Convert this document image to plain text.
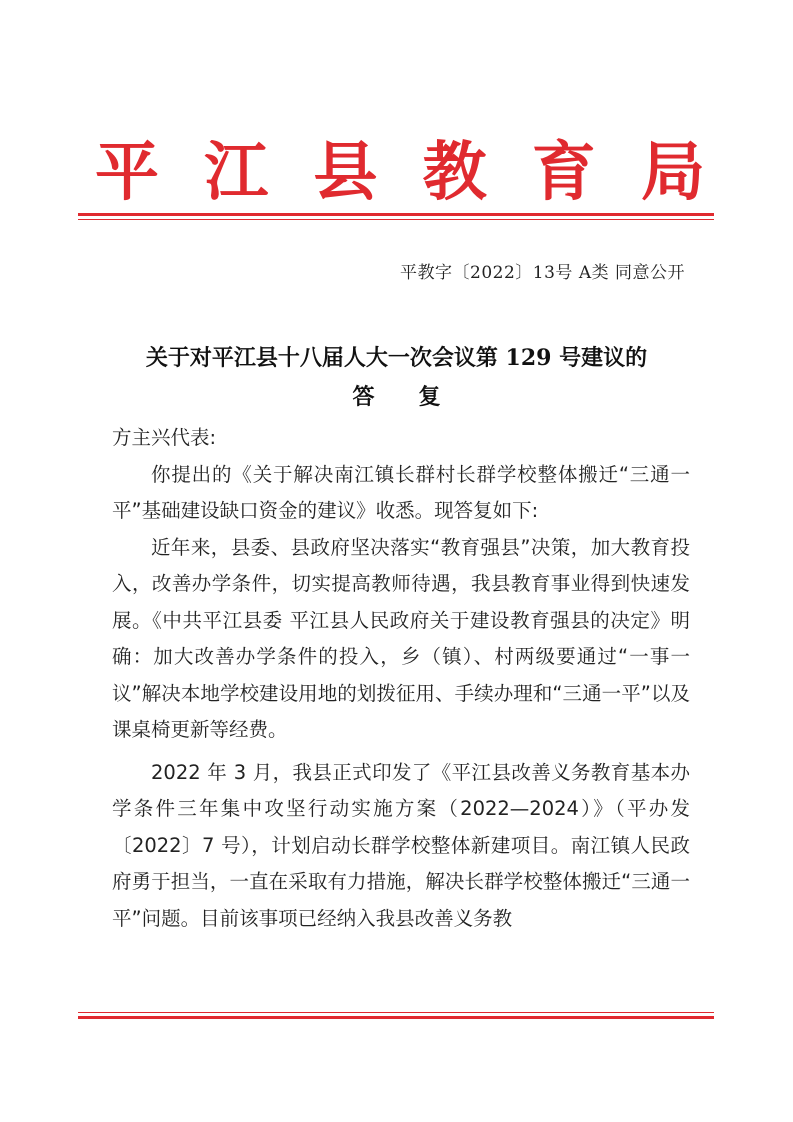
平 江 县 教 育 局
平教字〔2022〕13号 A类 同意公开
关于对平江县十八届人大一次会议第 129 号建议的
答复

方主兴代表:

你提出的《关于解决南江镇长群村长群学校整体搬迁“三通一平”基础建设缺口资金的建议》收悉。现答复如下:

近年来，县委、县政府坚决落实“教育强县”决策，加大教育投入，改善办学条件，切实提高教师待遇，我县教育事业得到快速发展。《中共平江县委 平江县人民政府关于建设教育强县的决定》明确：加大改善办学条件的投入，乡（镇）、村两级要通过“一事一议”解决本地学校建设用地的划拨征用、手续办理和“三通一平”以及课桌椅更新等经费。

2022 年 3 月，我县正式印发了《平江县改善义务教育基本办学条件三年集中攻坚行动实施方案（2022—2024）》（平办发〔2022〕7 号），计划启动长群学校整体新建项目。南江镇人民政府勇于担当，一直在采取有力措施，解决长群学校整体搬迁“三通一平”问题。目前该事项已经纳入我县改善义务教
